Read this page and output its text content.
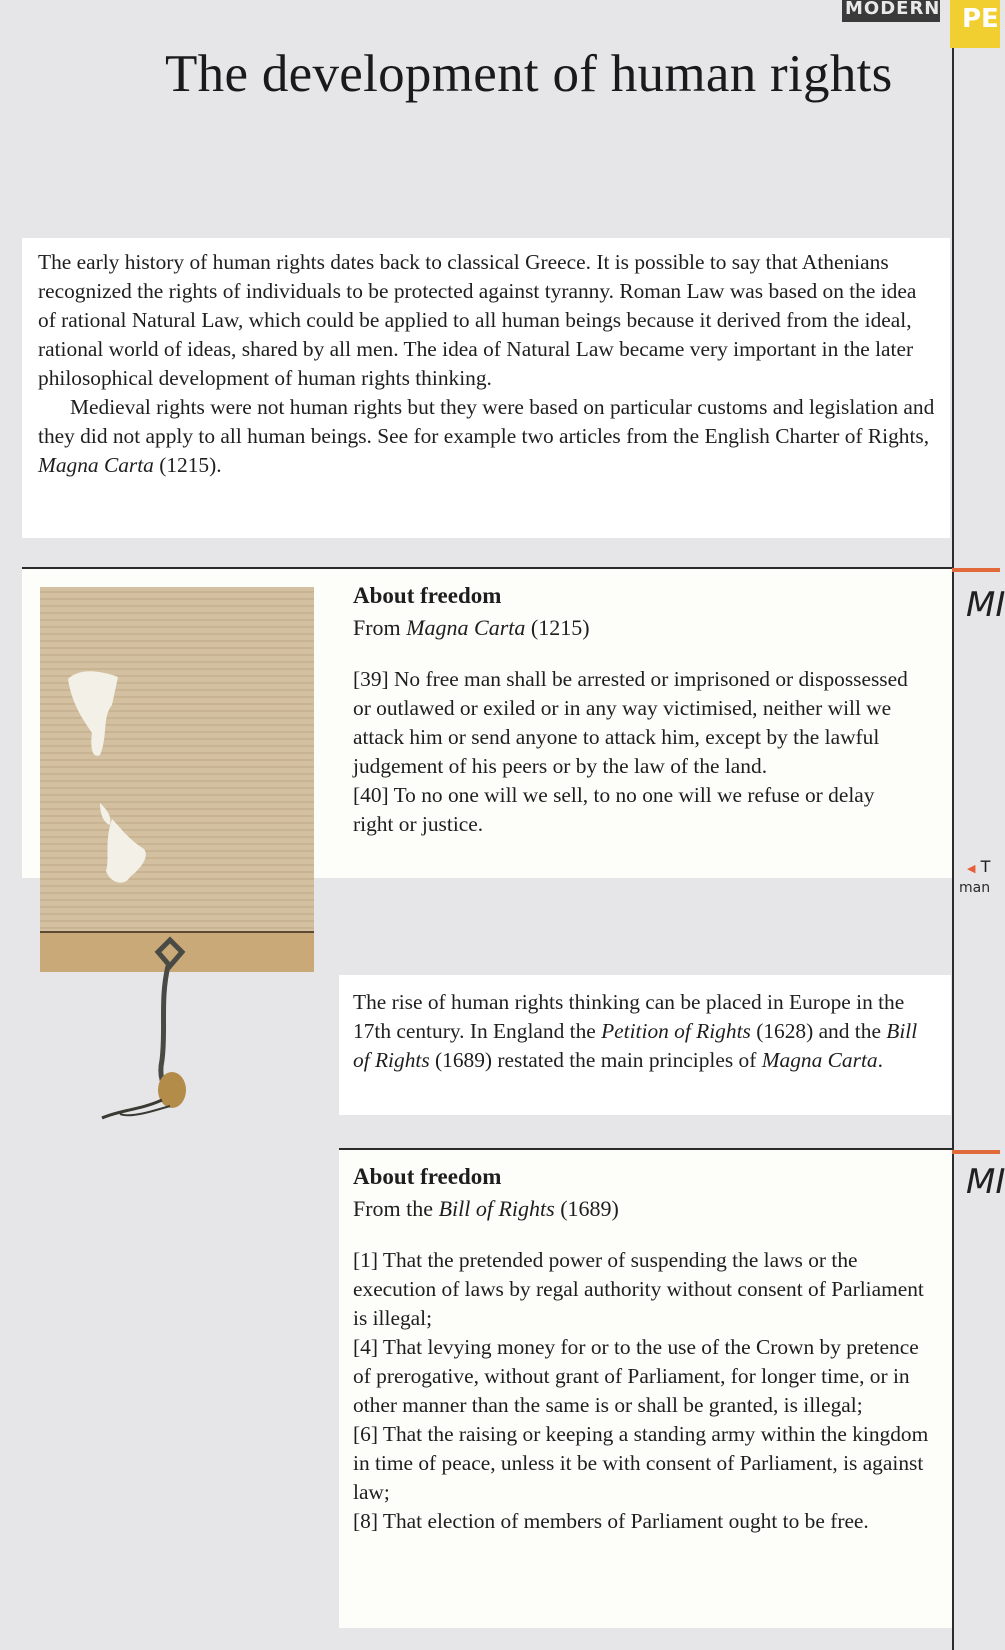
MODERN PE
The development of human rights

The early history of human rights dates back to classical Greece. It is possible to say that Athenians recognized the rights of individuals to be protected against tyranny. Roman Law was based on the idea of rational Natural Law, which could be applied to all human beings because it derived from the ideal, rational world of ideas, shared by all men. The idea of Natural Law became very important in the later philosophical development of human rights thinking.

Medieval rights were not human rights but they were based on particular customs and legislation and they did not apply to all human beings. See for example two articles from the English Charter of Rights, Magna Carta (1215).

About freedom
From Magna Carta (1215)

[39] No free man shall be arrested or imprisoned or dispossessed or outlawed or exiled or in any way victimised, neither will we attack him or send anyone to attack him, except by the lawful judgement of his peers or by the law of the land.

[40] To no one will we sell, to no one will we refuse or delay right or justice.

The rise of human rights thinking can be placed in Europe in the 17th century. In England the Petition of Rights (1628) and the Bill of Rights (1689) restated the main principles of Magna Carta.

About freedom
From the Bill of Rights (1689)

[1] That the pretended power of suspending the laws or the execution of laws by regal authority without consent of Parliament is illegal;

[4] That levying money for or to the use of the Crown by pretence of prerogative, without grant of Parliament, for longer time, or in other manner than the same is or shall be granted, is illegal;

[6] That the raising or keeping a standing army within the kingdom in time of peace, unless it be with consent of Parliament, is against law;

[8] That election of members of Parliament ought to be free.

MI
MI
◀ T
man
